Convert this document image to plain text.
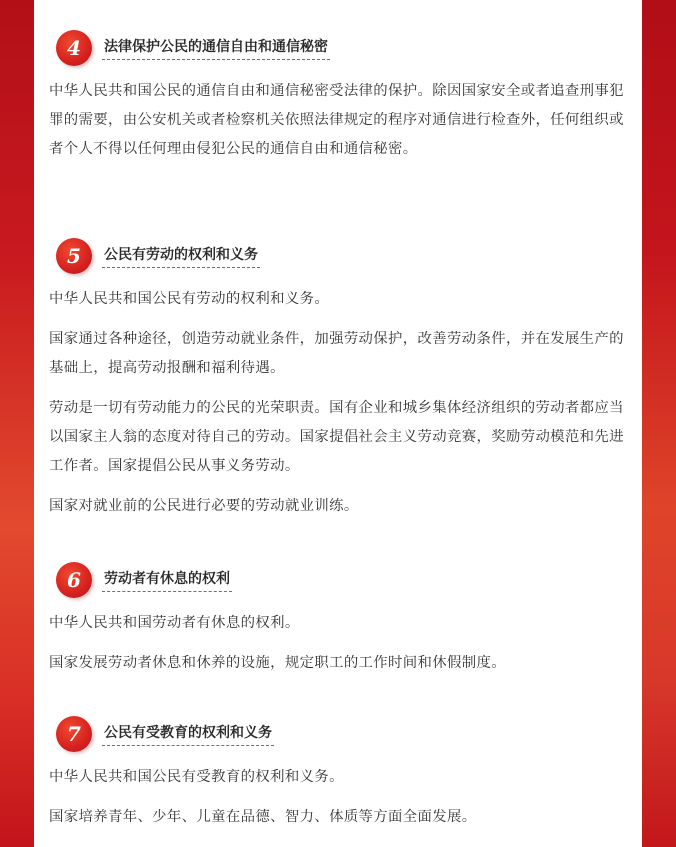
4	法律保护公民的通信自由和通信秘密

中华人民共和国公民的通信自由和通信秘密受法律的保护。除因国家安全或者追查刑事犯罪的需要，由公安机关或者检察机关依照法律规定的程序对通信进行检查外，任何组织或者个人不得以任何理由侵犯公民的通信自由和通信秘密。

5	公民有劳动的权利和义务

中华人民共和国公民有劳动的权利和义务。

国家通过各种途径，创造劳动就业条件，加强劳动保护，改善劳动条件，并在发展生产的基础上，提高劳动报酬和福利待遇。

劳动是一切有劳动能力的公民的光荣职责。国有企业和城乡集体经济组织的劳动者都应当以国家主人翁的态度对待自己的劳动。国家提倡社会主义劳动竞赛，奖励劳动模范和先进工作者。国家提倡公民从事义务劳动。

国家对就业前的公民进行必要的劳动就业训练。

6	劳动者有休息的权利

中华人民共和国劳动者有休息的权利。

国家发展劳动者休息和休养的设施，规定职工的工作时间和休假制度。

7	公民有受教育的权利和义务

中华人民共和国公民有受教育的权利和义务。

国家培养青年、少年、儿童在品德、智力、体质等方面全面发展。
